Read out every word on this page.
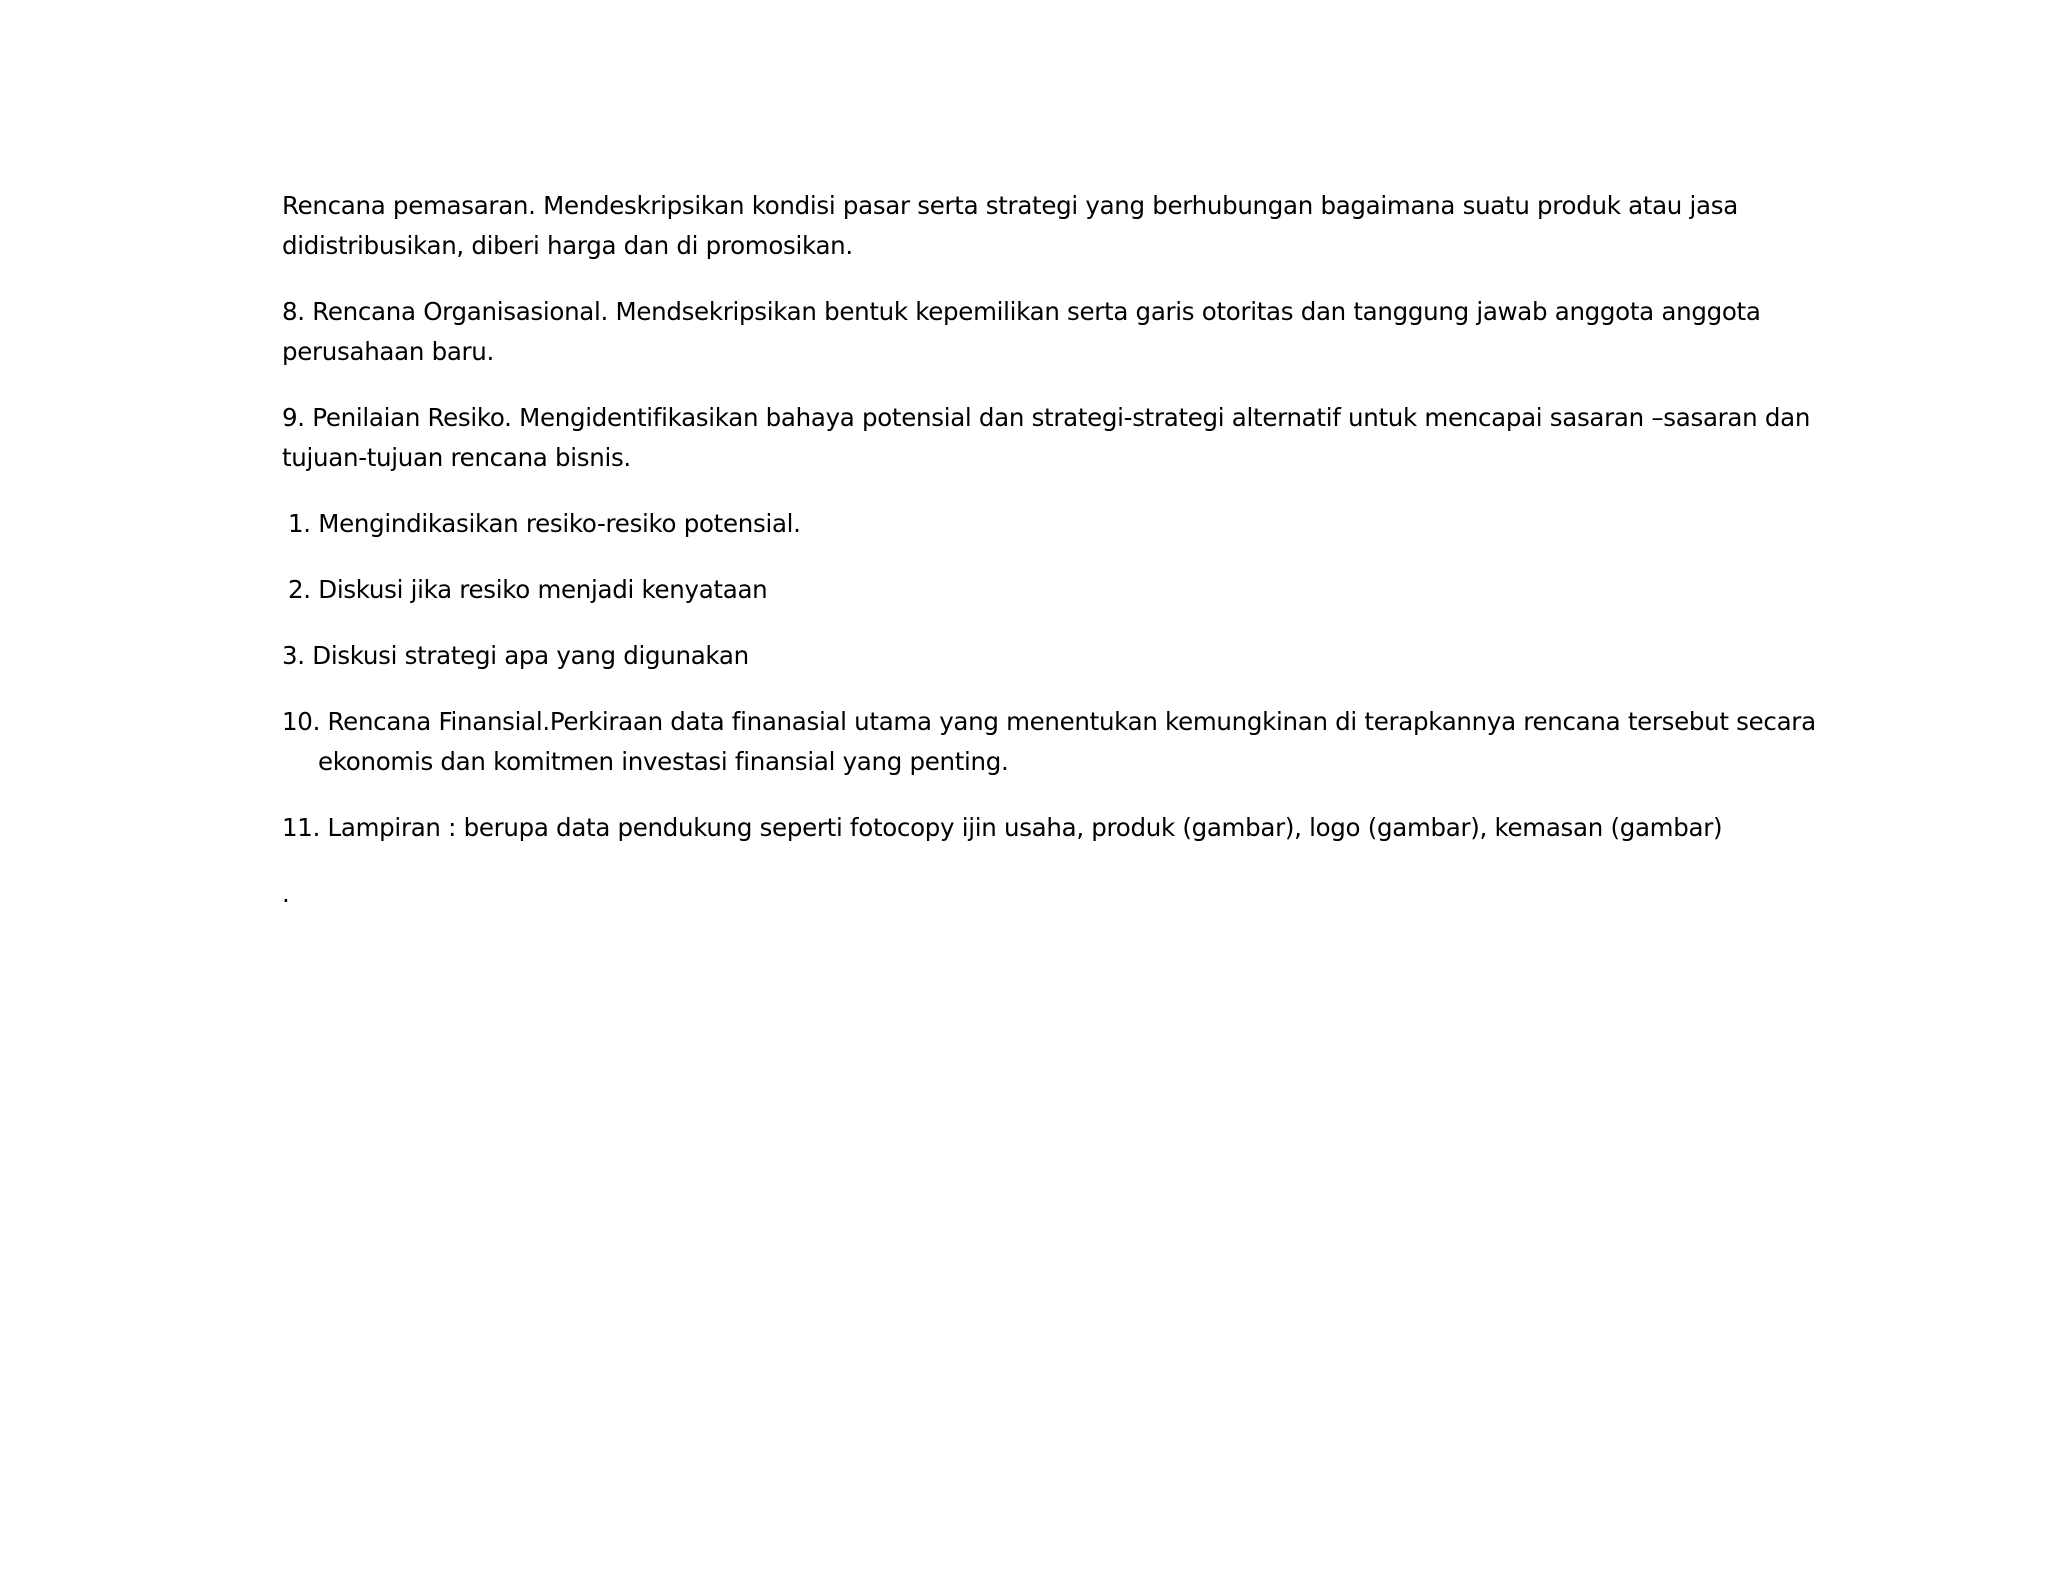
Rencana pemasaran. Mendeskripsikan kondisi pasar serta strategi yang berhubungan bagaimana suatu produk atau jasa didistribusikan, diberi harga dan di promosikan.

8. Rencana Organisasional. Mendsekripsikan bentuk kepemilikan serta garis otoritas dan tanggung jawab anggota anggota perusahaan baru.

9. Penilaian Resiko. Mengidentifikasikan bahaya potensial dan strategi-strategi alternatif untuk mencapai sasaran –sasaran dan tujuan-tujuan rencana bisnis.

1. Mengindikasikan resiko-resiko potensial.

2. Diskusi jika resiko menjadi kenyataan

3. Diskusi strategi apa yang digunakan

10. Rencana Finansial.Perkiraan data finanasial utama yang menentukan kemungkinan di terapkannya rencana tersebut secara ekonomis dan komitmen investasi finansial yang penting.

11. Lampiran : berupa data pendukung seperti fotocopy ijin usaha, produk (gambar), logo (gambar), kemasan (gambar)

.
